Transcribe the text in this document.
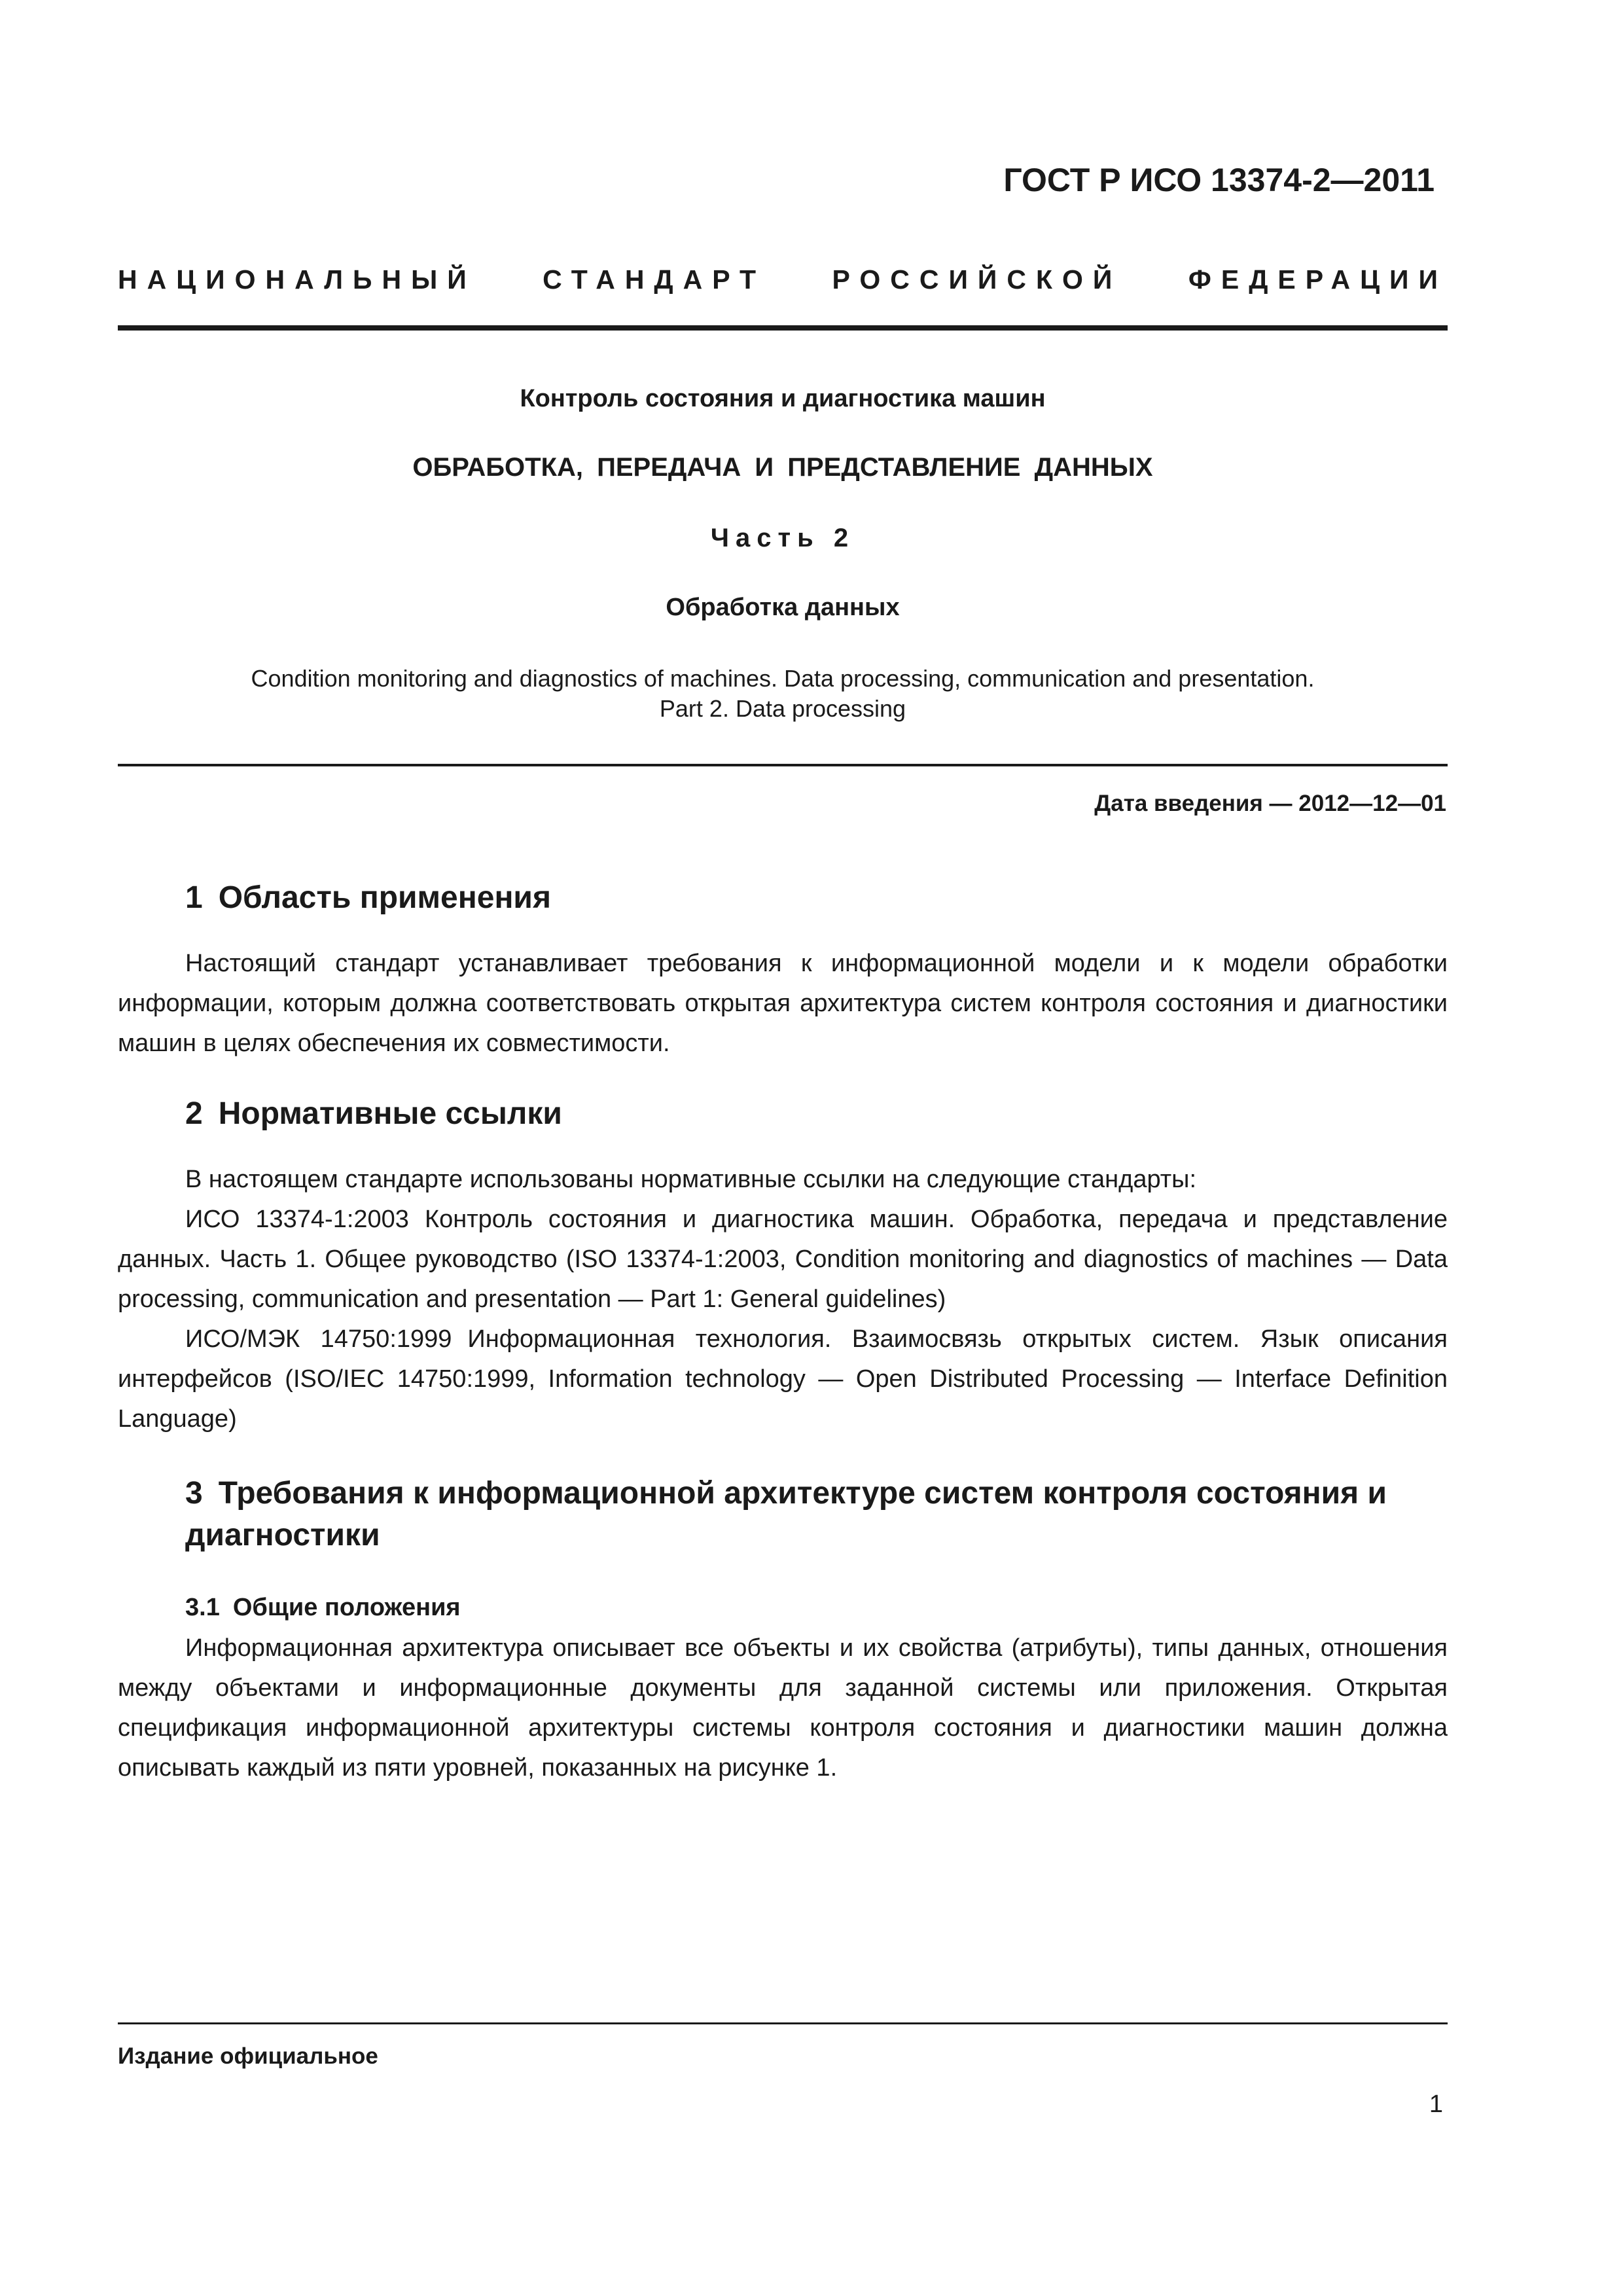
ГОСТ Р ИСО 13374-2—2011
НАЦИОНАЛЬНЫЙ СТАНДАРТ РОССИЙСКОЙ ФЕДЕРАЦИИ
Контроль состояния и диагностика машин
ОБРАБОТКА, ПЕРЕДАЧА И ПРЕДСТАВЛЕНИЕ ДАННЫХ
Часть 2
Обработка данных
Condition monitoring and diagnostics of machines. Data processing, communication and presentation.
Part 2. Data processing
Дата введения — 2012—12—01
1 Область применения
Настоящий стандарт устанавливает требования к информационной модели и к модели обработки информации, которым должна соответствовать открытая архитектура систем контроля состояния и диагностики машин в целях обеспечения их совместимости.
2 Нормативные ссылки
В настоящем стандарте использованы нормативные ссылки на следующие стандарты:
ИСО 13374-1:2003 Контроль состояния и диагностика машин. Обработка, передача и представление данных. Часть 1. Общее руководство (ISO 13374-1:2003, Condition monitoring and diagnostics of machines — Data processing, communication and presentation — Part 1: General guidelines)
ИСО/МЭК 14750:1999 Информационная технология. Взаимосвязь открытых систем. Язык описания интерфейсов (ISO/IEC 14750:1999, Information technology — Open Distributed Processing — Interface Definition Language)
3 Требования к информационной архитектуре систем контроля состояния и диагностики
3.1 Общие положения
Информационная архитектура описывает все объекты и их свойства (атрибуты), типы данных, отношения между объектами и информационные документы для заданной системы или приложения. Открытая спецификация информационной архитектуры системы контроля состояния и диагностики машин должна описывать каждый из пяти уровней, показанных на рисунке 1.
Издание официальное
1
